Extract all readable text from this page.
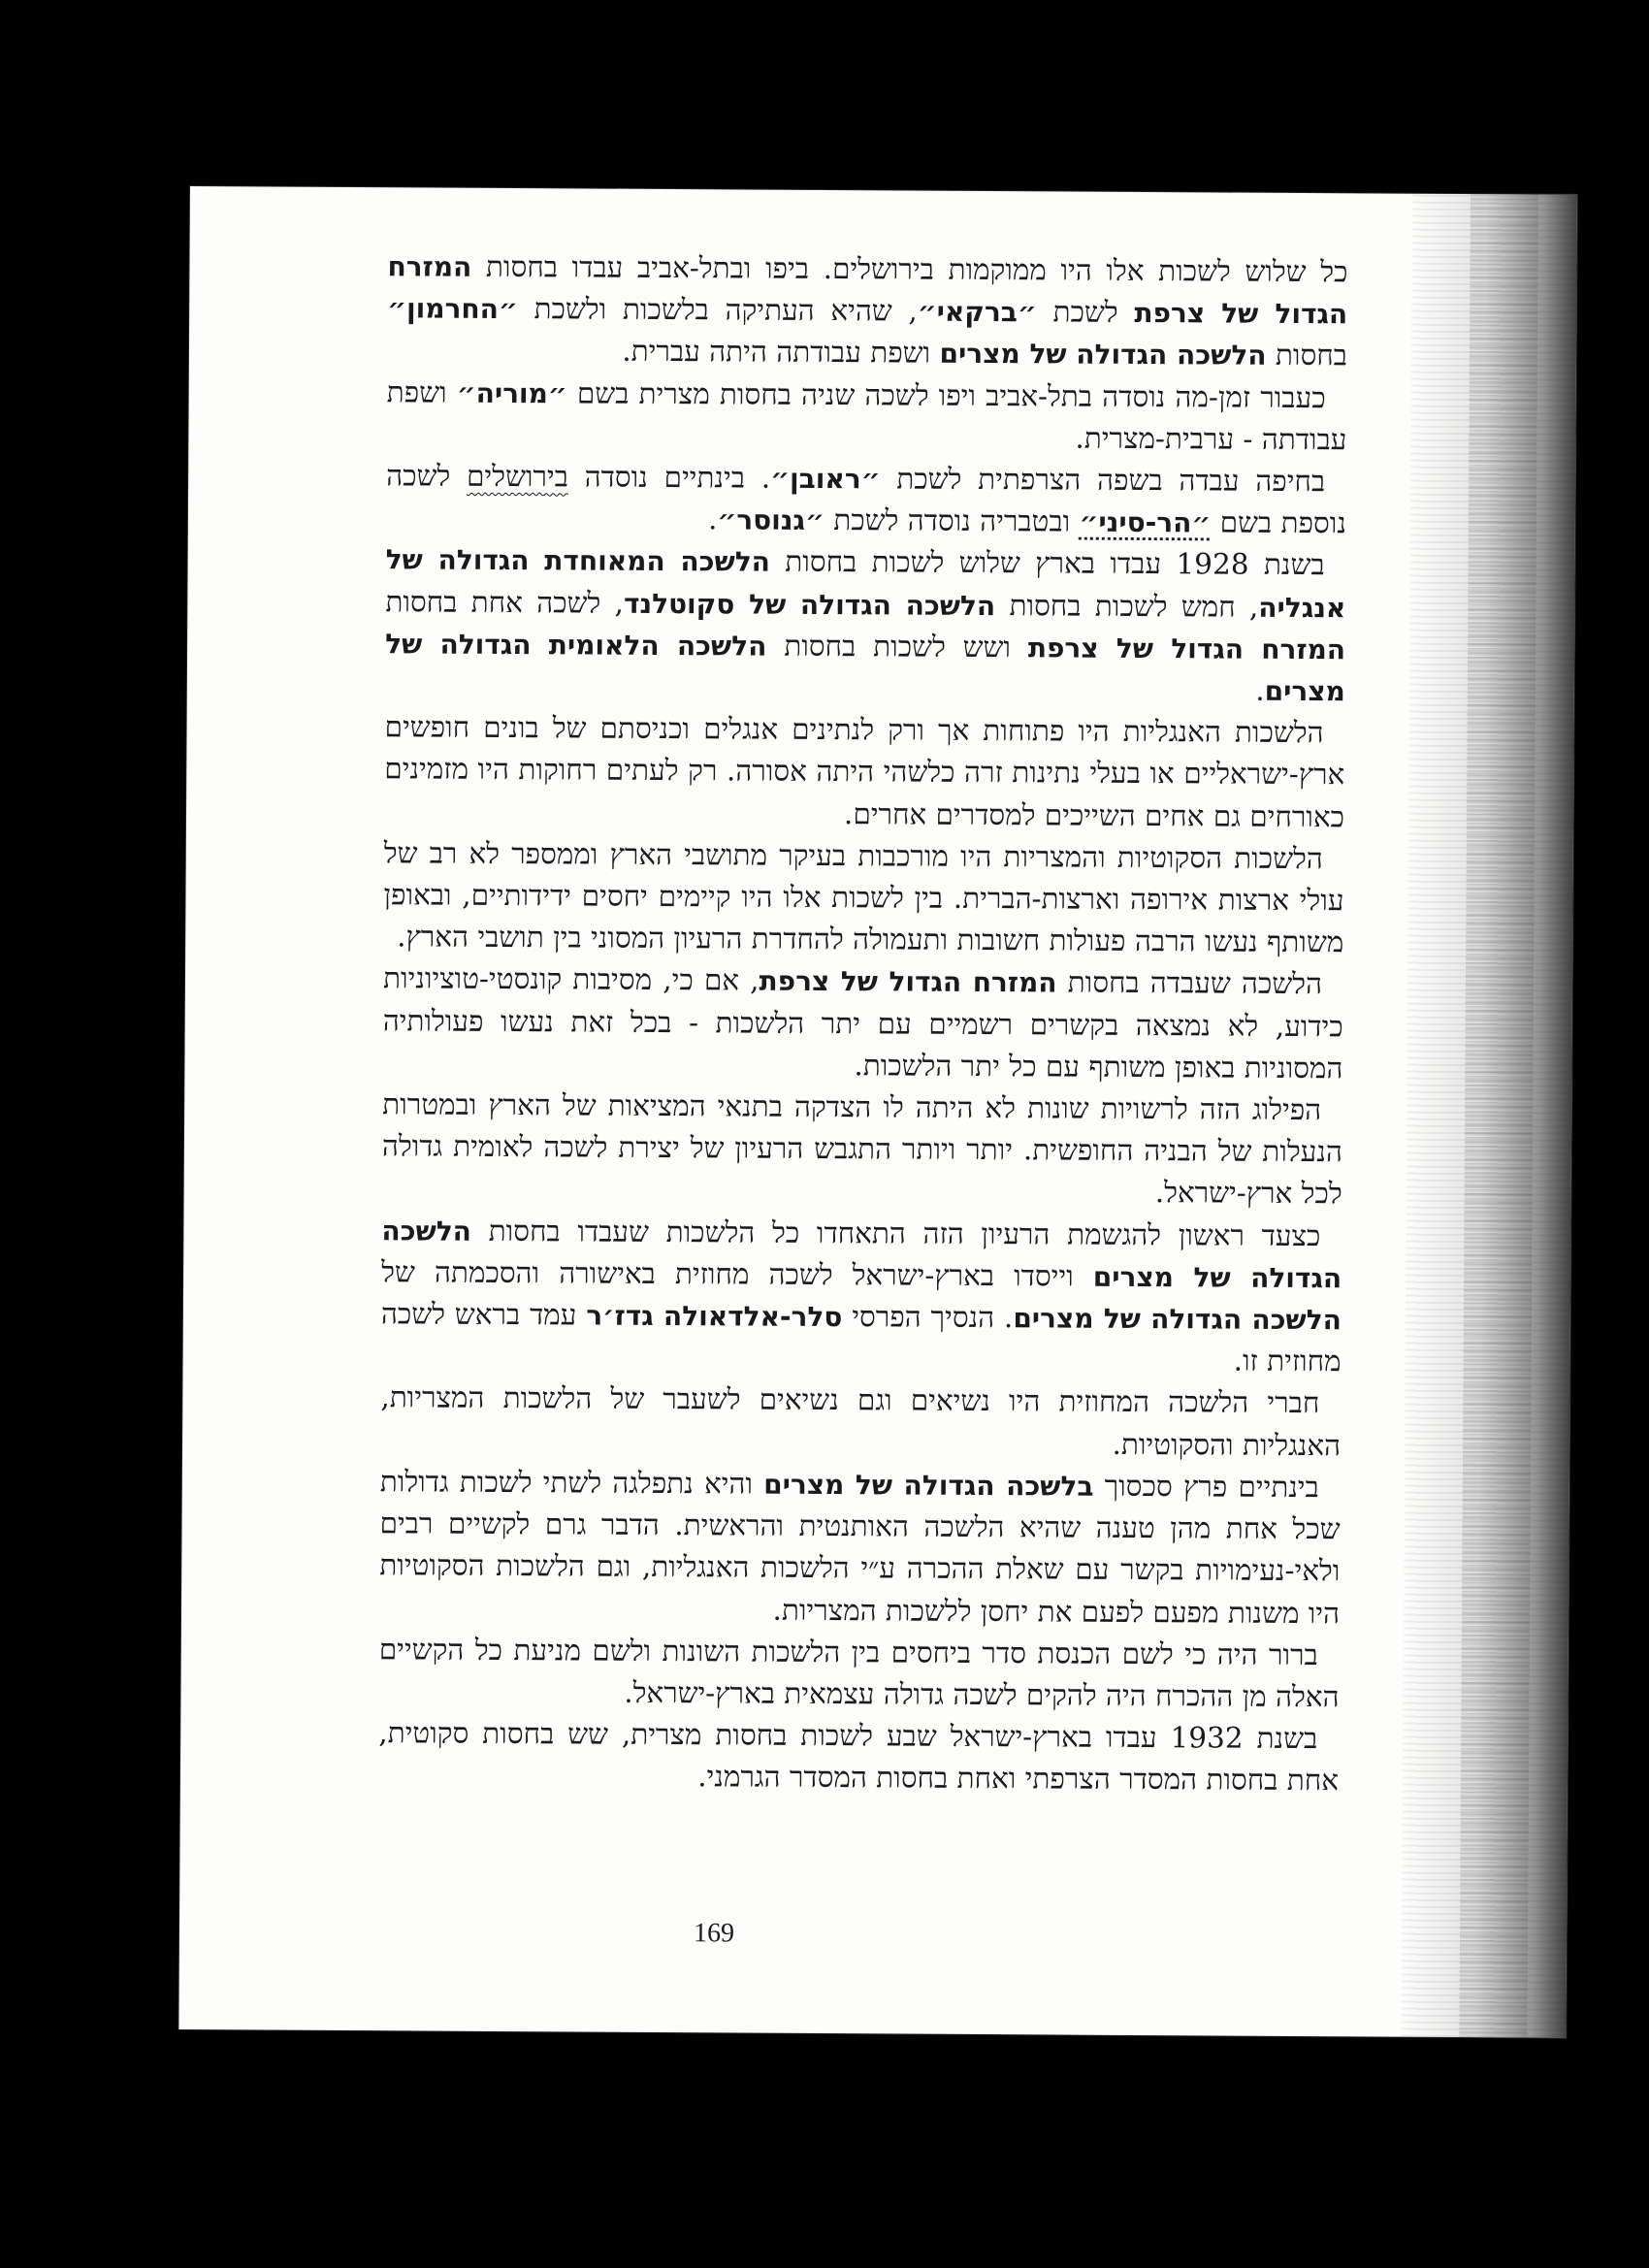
כל שלוש לשכות אלו היו ממוקמות בירושלים. ביפו ובתל-אביב עבדו בחסות המזרח הגדול של צרפת לשכת ״ברקאי״, שהיא העתיקה בלשכות ולשכת ״החרמון״ בחסות הלשכה הגדולה של מצרים ושפת עבודתה היתה עברית.

כעבור זמן-מה נוסדה בתל-אביב ויפו לשכה שניה בחסות מצרית בשם ״מוריה״ ושפת עבודתה - ערבית-מצרית.

בחיפה עבדה בשפה הצרפתית לשכת ״ראובן״. בינתיים נוסדה בירושלים לשכה נוספת בשם ״הר-סיני״ ובטבריה נוסדה לשכת ״גנוסר״.

בשנת 1928 עבדו בארץ שלוש לשכות בחסות הלשכה המאוחדת הגדולה של אנגליה, חמש לשכות בחסות הלשכה הגדולה של סקוטלנד, לשכה אחת בחסות המזרח הגדול של צרפת ושש לשכות בחסות הלשכה הלאומית הגדולה של מצרים.

הלשכות האנגליות היו פתוחות אך ורק לנתינים אנגלים וכניסתם של בונים חופשים ארץ-ישראליים או בעלי נתינות זרה כלשהי היתה אסורה. רק לעתים רחוקות היו מזמינים כאורחים גם אחים השייכים למסדרים אחרים.

הלשכות הסקוטיות והמצריות היו מורכבות בעיקר מתושבי הארץ וממספר לא רב של עולי ארצות אירופה וארצות-הברית. בין לשכות אלו היו קיימים יחסים ידידותיים, ובאופן משותף נעשו הרבה פעולות חשובות ותעמולה להחדרת הרעיון המסוני בין תושבי הארץ.

הלשכה שעבדה בחסות המזרח הגדול של צרפת, אם כי, מסיבות קונסטי-טוציוניות כידוע, לא נמצאה בקשרים רשמיים עם יתר הלשכות - בכל זאת נעשו פעולותיה המסוניות באופן משותף עם כל יתר הלשכות.

הפילוג הזה לרשויות שונות לא היתה לו הצדקה בתנאי המציאות של הארץ ובמטרות הנעלות של הבניה החופשית. יותר ויותר התגבש הרעיון של יצירת לשכה לאומית גדולה לכל ארץ-ישראל.

כצעד ראשון להגשמת הרעיון הזה התאחדו כל הלשכות שעבדו בחסות הלשכה הגדולה של מצרים וייסדו בארץ-ישראל לשכה מחוזית באישורה והסכמתה של הלשכה הגדולה של מצרים. הנסיך הפרסי סלר-אלדאולה גדז׳ר עמד בראש לשכה מחוזית זו.

חברי הלשכה המחוזית היו נשיאים וגם נשיאים לשעבר של הלשכות המצריות, האנגליות והסקוטיות.

בינתיים פרץ סכסוך בלשכה הגדולה של מצרים והיא נתפלגה לשתי לשכות גדולות שכל אחת מהן טענה שהיא הלשכה האותנטית והראשית. הדבר גרם לקשיים רבים ולאי-נעימויות בקשר עם שאלת ההכרה ע״י הלשכות האנגליות, וגם הלשכות הסקוטיות היו משנות מפעם לפעם את יחסן ללשכות המצריות.

ברור היה כי לשם הכנסת סדר ביחסים בין הלשכות השונות ולשם מניעת כל הקשיים האלה מן ההכרח היה להקים לשכה גדולה עצמאית בארץ-ישראל.

בשנת 1932 עבדו בארץ-ישראל שבע לשכות בחסות מצרית, שש בחסות סקוטית, אחת בחסות המסדר הצרפתי ואחת בחסות המסדר הגרמני.

169
